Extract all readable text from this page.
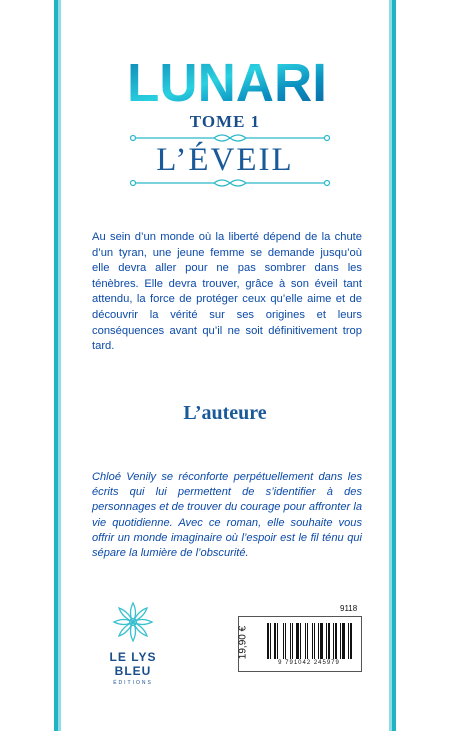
LUNARI
TOME 1
L’ÉVEIL

Au sein d’un monde où la liberté dépend de la chute d’un tyran, une jeune femme se demande jusqu’où elle devra aller pour ne pas sombrer dans les ténèbres. Elle devra trouver, grâce à son éveil tant attendu, la force de protéger ceux qu’elle aime et de découvrir la vérité sur ses origines et leurs conséquences avant qu’il ne soit définitivement trop tard.

L’auteure

Chloé Venily se réconforte perpétuellement dans les écrits qui lui permettent de s’identifier à des personnages et de trouver du courage pour affronter la vie quotidienne. Avec ce roman, elle souhaite vous offrir un monde imaginaire où l’espoir est le fil ténu qui sépare la lumière de l’obscurité.

LE LYS BLEU
ÉDITIONS
9118
19,90 €
9 791042 245979
